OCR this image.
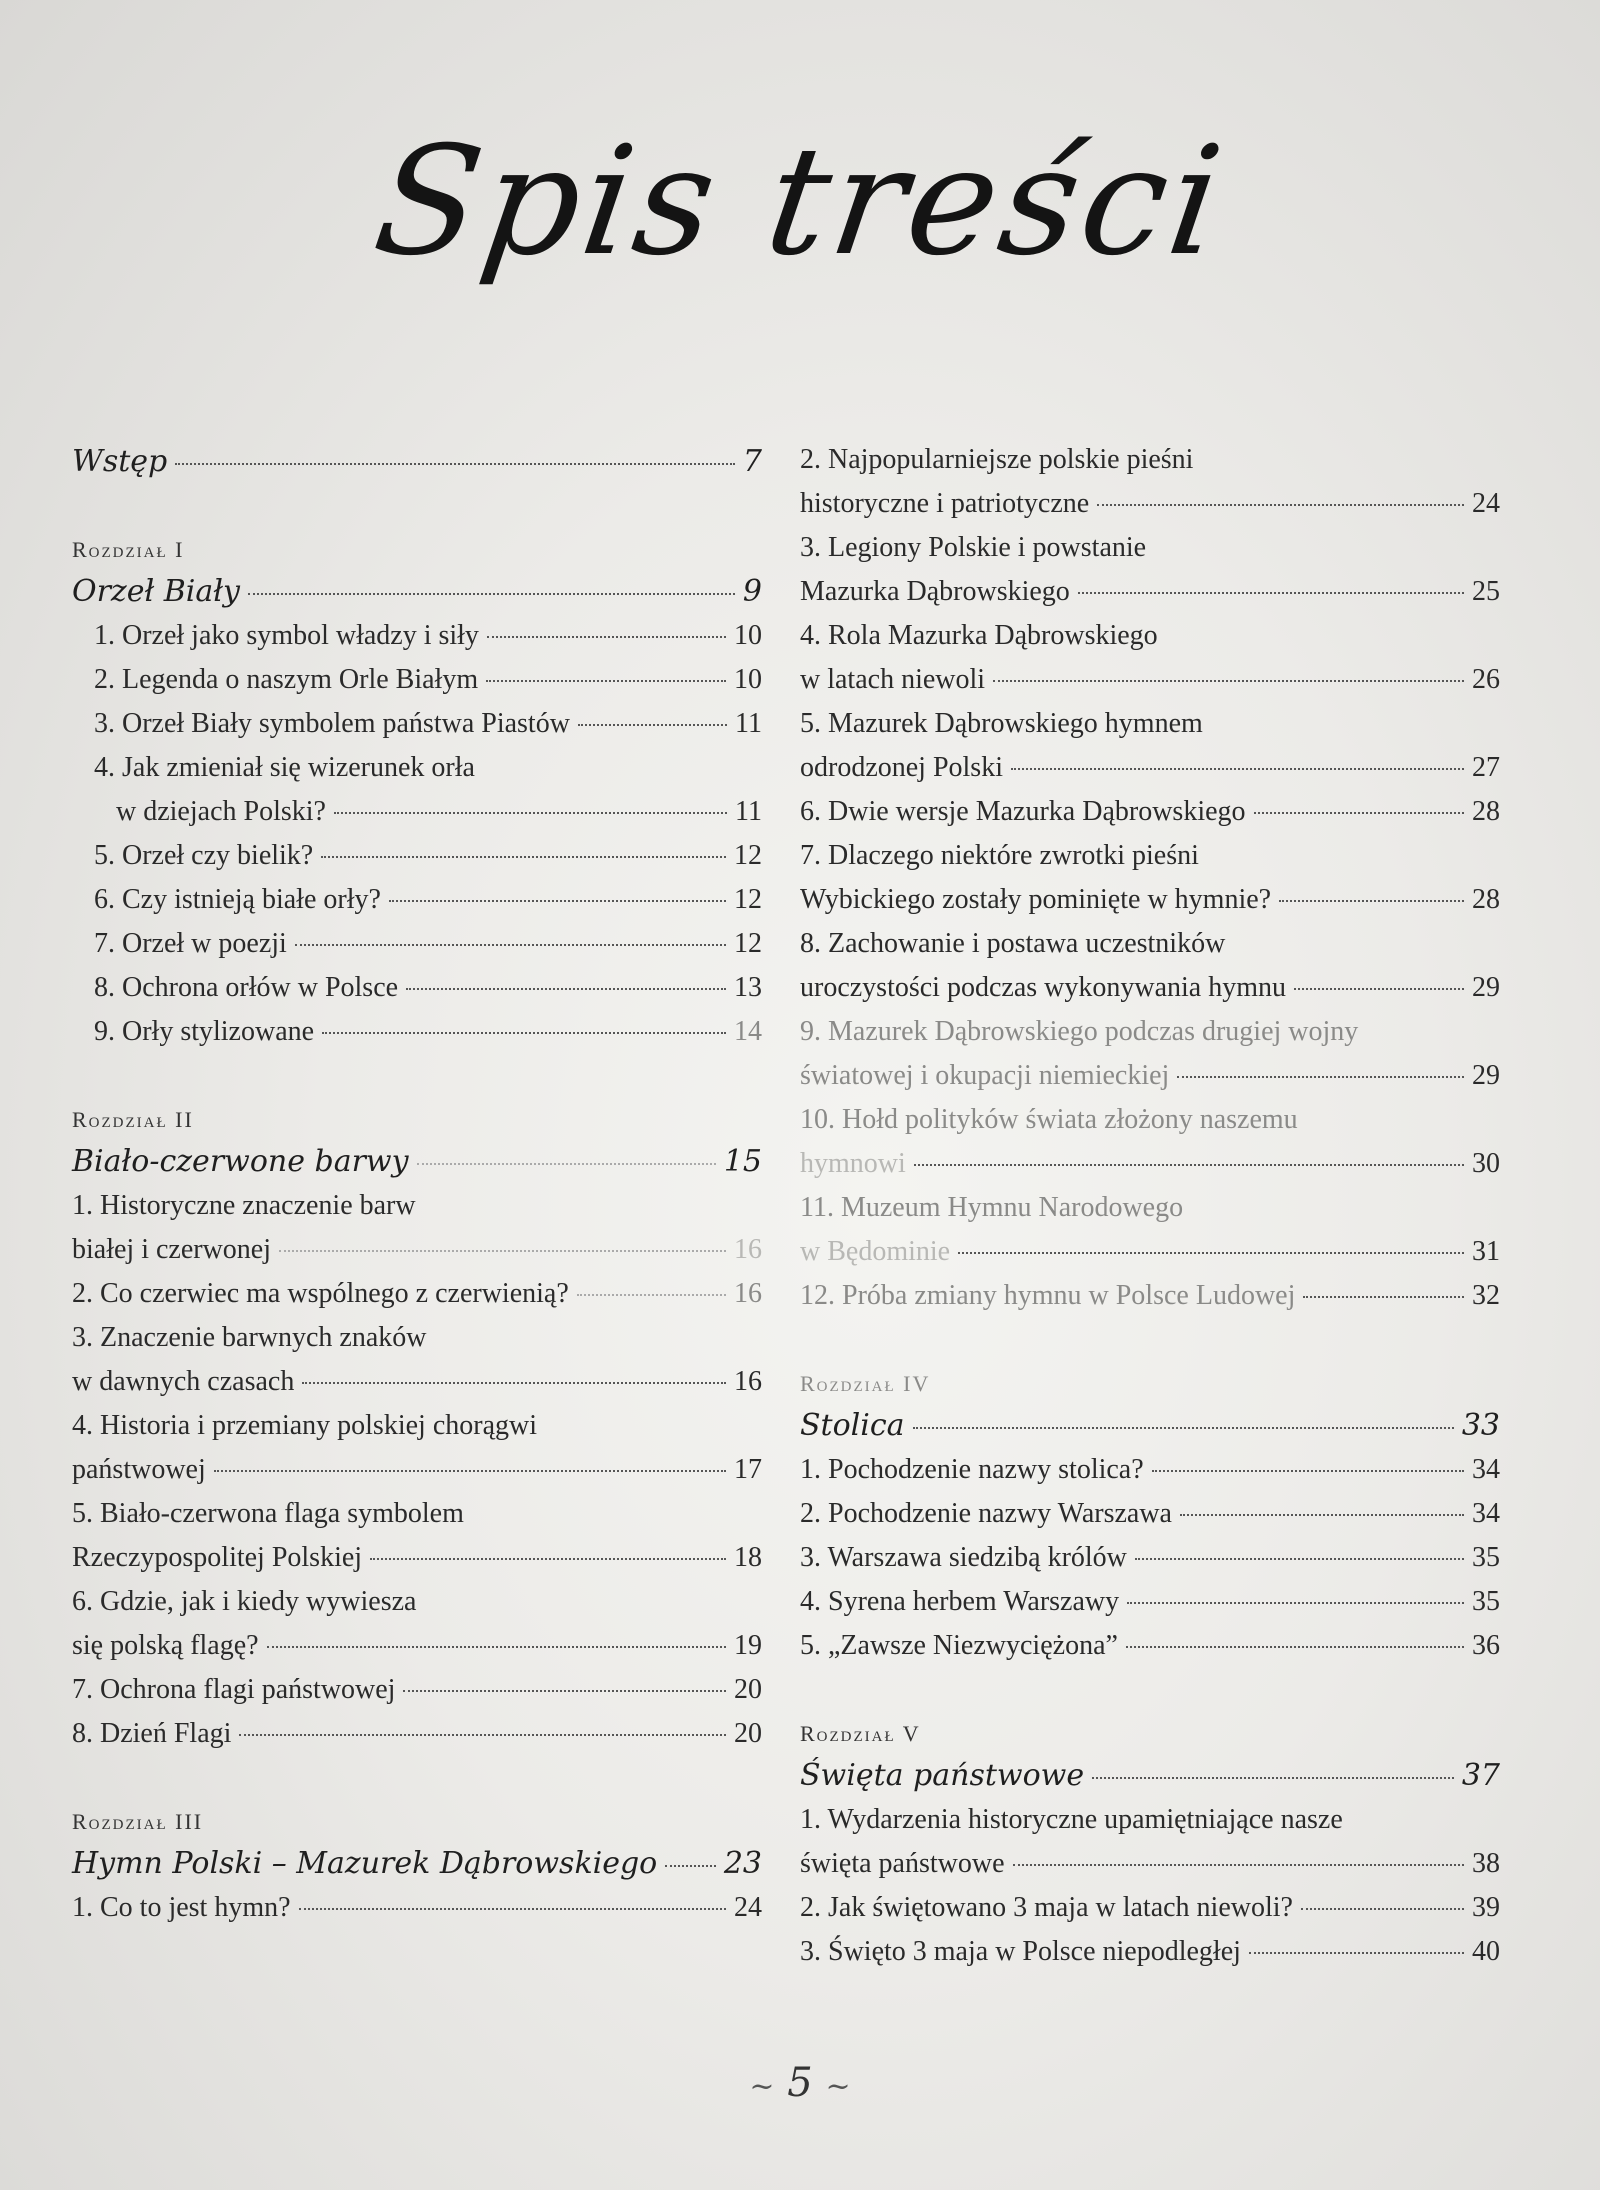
Spis treści
Wstęp	7
Rozdział I
Orzeł Biały	9
1. Orzeł jako symbol władzy i siły	10
2. Legenda o naszym Orle Białym	10
3. Orzeł Biały symbolem państwa Piastów	11
4. Jak zmieniał się wizerunek orła
w dziejach Polski?	11
5. Orzeł czy bielik?	12
6. Czy istnieją białe orły?	12
7. Orzeł w poezji	12
8. Ochrona orłów w Polsce	13
9. Orły stylizowane	14
Rozdział II
Biało-czerwone barwy	15
1. Historyczne znaczenie barw
białej i czerwonej	16
2. Co czerwiec ma wspólnego z czerwienią?	16
3. Znaczenie barwnych znaków
w dawnych czasach	16
4. Historia i przemiany polskiej chorągwi
państwowej	17
5. Biało-czerwona flaga symbolem
Rzeczypospolitej Polskiej	18
6. Gdzie, jak i kiedy wywiesza
się polską flagę?	19
7. Ochrona flagi państwowej	20
8. Dzień Flagi	20
Rozdział III
Hymn Polski – Mazurek Dąbrowskiego 23
1. Co to jest hymn?	24
2. Najpopularniejsze polskie pieśni
historyczne i patriotyczne	24
3. Legiony Polskie i powstanie
Mazurka Dąbrowskiego	25
4. Rola Mazurka Dąbrowskiego
w latach niewoli	26
5. Mazurek Dąbrowskiego hymnem
odrodzonej Polski	27
6. Dwie wersje Mazurka Dąbrowskiego	28
7. Dlaczego niektóre zwrotki pieśni
Wybickiego zostały pominięte w hymnie?	28
8. Zachowanie i postawa uczestników
uroczystości podczas wykonywania hymnu	29
9. Mazurek Dąbrowskiego podczas drugiej wojny
światowej i okupacji niemieckiej	29
10. Hołd polityków świata złożony naszemu
hymnowi	30
11. Muzeum Hymnu Narodowego
w Będominie	31
12. Próba zmiany hymnu w Polsce Ludowej	32
Rozdział IV
Stolica	33
1. Pochodzenie nazwy stolica?	34
2. Pochodzenie nazwy Warszawa	34
3. Warszawa siedzibą królów	35
4. Syrena herbem Warszawy	35
5. „Zawsze Niezwyciężona”	36
Rozdział V
Święta państwowe	37
1. Wydarzenia historyczne upamiętniające nasze
święta państwowe	38
2. Jak świętowano 3 maja w latach niewoli?	39
3. Święto 3 maja w Polsce niepodległej	40
~ 5 ~
